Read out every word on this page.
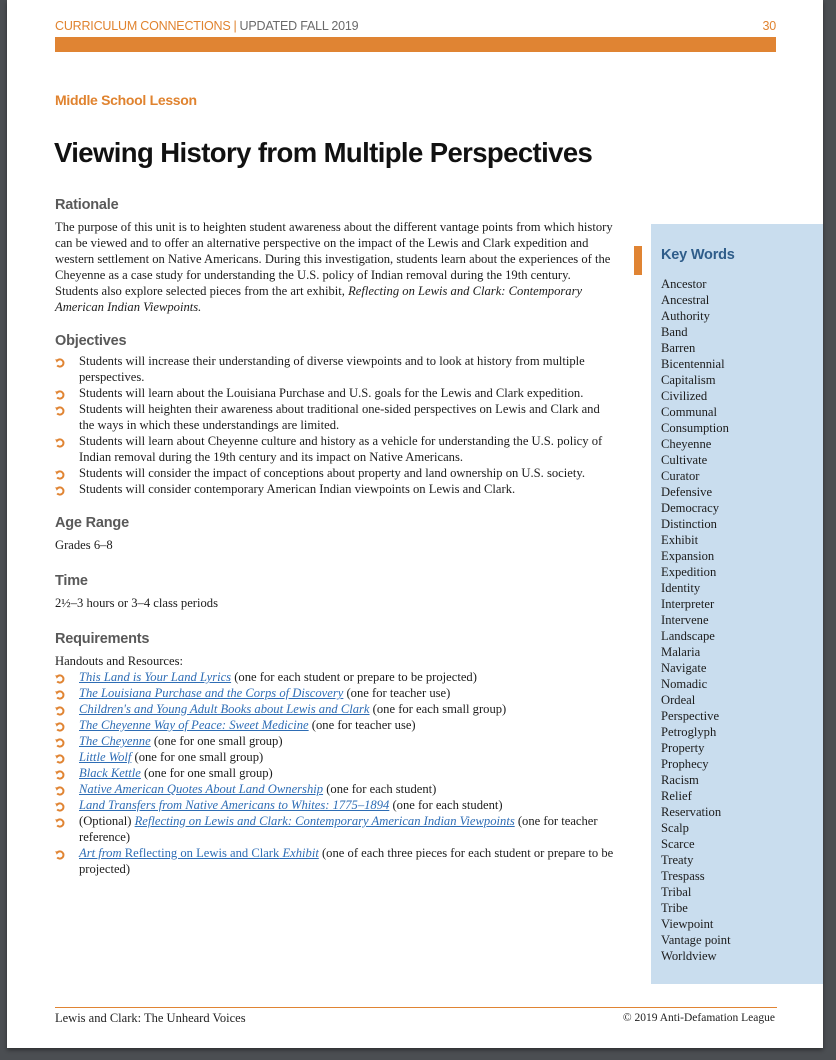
CURRICULUM CONNECTIONS | UPDATED FALL 2019	30
Middle School Lesson
Viewing History from Multiple Perspectives
Rationale

The purpose of this unit is to heighten student awareness about the different vantage points from which history can be viewed and to offer an alternative perspective on the impact of the Lewis and Clark expedition and western settlement on Native Americans. During this investigation, students learn about the experiences of the Cheyenne as a case study for understanding the U.S. policy of Indian removal during the 19th century. Students also explore selected pieces from the art exhibit, Reflecting on Lewis and Clark: Contemporary American Indian Viewpoints.

Objectives
Students will increase their understanding of diverse viewpoints and to look at history from multiple perspectives.
Students will learn about the Louisiana Purchase and U.S. goals for the Lewis and Clark expedition.
Students will heighten their awareness about traditional one-sided perspectives on Lewis and Clark and the ways in which these understandings are limited.
Students will learn about Cheyenne culture and history as a vehicle for understanding the U.S. policy of Indian removal during the 19th century and its impact on Native Americans.
Students will consider the impact of conceptions about property and land ownership on U.S. society.
Students will consider contemporary American Indian viewpoints on Lewis and Clark.
Age Range

Grades 6–8

Time

2½–3 hours or 3–4 class periods

Requirements

Handouts and Resources:

This Land is Your Land Lyrics (one for each student or prepare to be projected)
The Louisiana Purchase and the Corps of Discovery (one for teacher use)
Children's and Young Adult Books about Lewis and Clark (one for each small group)
The Cheyenne Way of Peace: Sweet Medicine (one for teacher use)
The Cheyenne (one for one small group)
Little Wolf (one for one small group)
Black Kettle (one for one small group)
Native American Quotes About Land Ownership (one for each student)
Land Transfers from Native Americans to Whites: 1775–1894 (one for each student)
(Optional) Reflecting on Lewis and Clark: Contemporary American Indian Viewpoints (one for teacher reference)
Art from Reflecting on Lewis and Clark Exhibit (one of each three pieces for each student or prepare to be projected)
Key Words
Ancestor
Ancestral
Authority
Band
Barren
Bicentennial
Capitalism
Civilized
Communal
Consumption
Cheyenne
Cultivate
Curator
Defensive
Democracy
Distinction
Exhibit
Expansion
Expedition
Identity
Interpreter
Intervene
Landscape
Malaria
Navigate
Nomadic
Ordeal
Perspective
Petroglyph
Property
Prophecy
Racism
Relief
Reservation
Scalp
Scarce
Treaty
Trespass
Tribal
Tribe
Viewpoint
Vantage point
Worldview
Lewis and Clark: The Unheard Voices	© 2019 Anti-Defamation League
